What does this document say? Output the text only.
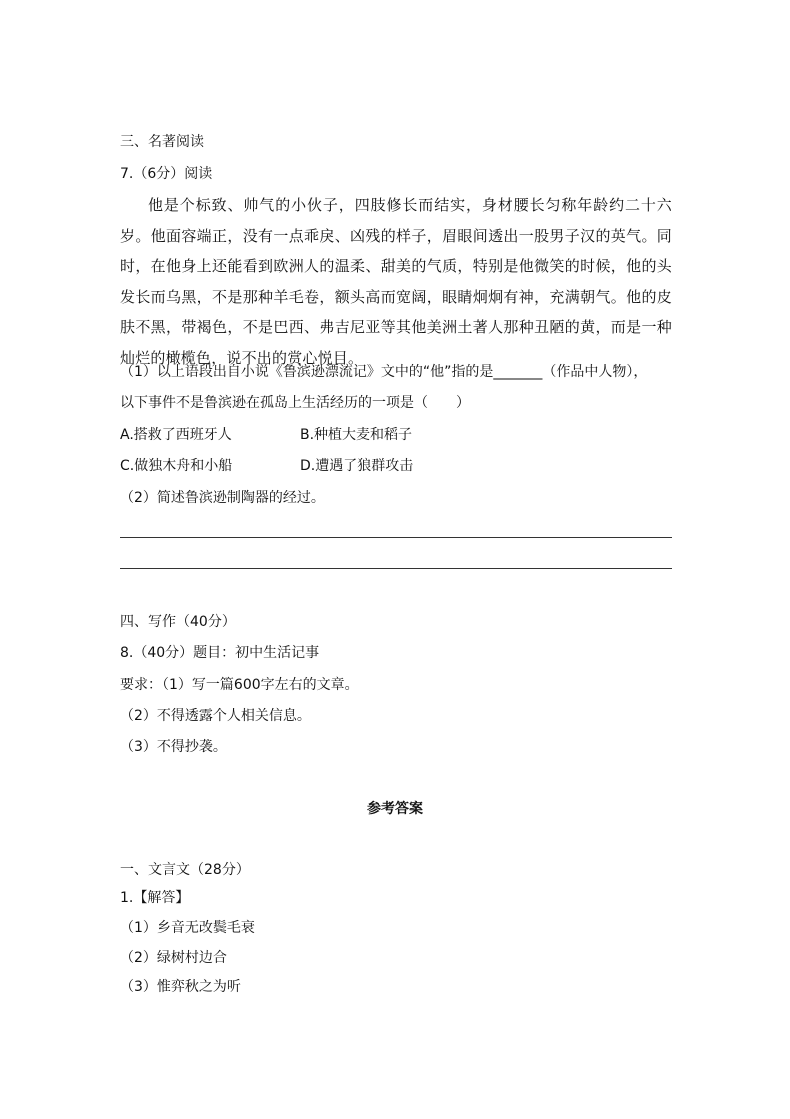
三、名著阅读
7.（6分）阅读
他是个标致、帅气的小伙子，四肢修长而结实，身材腰长匀称年龄约二十六岁。他面容端正，没有一点乖戾、凶残的样子，眉眼间透出一股男子汉的英气。同时，在他身上还能看到欧洲人的温柔、甜美的气质，特别是他微笑的时候，他的头发长而乌黑，不是那种羊毛卷，额头高而宽阔，眼睛炯炯有神，充满朝气。他的皮肤不黑，带褐色，不是巴西、弗吉尼亚等其他美洲土著人那种丑陋的黄，而是一种灿烂的橄榄色，说不出的赏心悦目。
（1）以上语段出自小说《鲁滨逊漂流记》文中的“他”指的是_______（作品中人物），
以下事件不是鲁滨逊在孤岛上生活经历的一项是（　　）
A.搭救了西班牙人	B.种植大麦和稻子
C.做独木舟和小船	D.遭遇了狼群攻击
（2）简述鲁滨逊制陶器的经过。
四、写作（40分）
8.（40分）题目：初中生活记事
要求：（1）写一篇600字左右的文章。
（2）不得透露个人相关信息。
（3）不得抄袭。
参考答案
一、文言文（28分）
1.【解答】
（1）乡音无改鬓毛衰
（2）绿树村边合
（3）惟弈秋之为听
